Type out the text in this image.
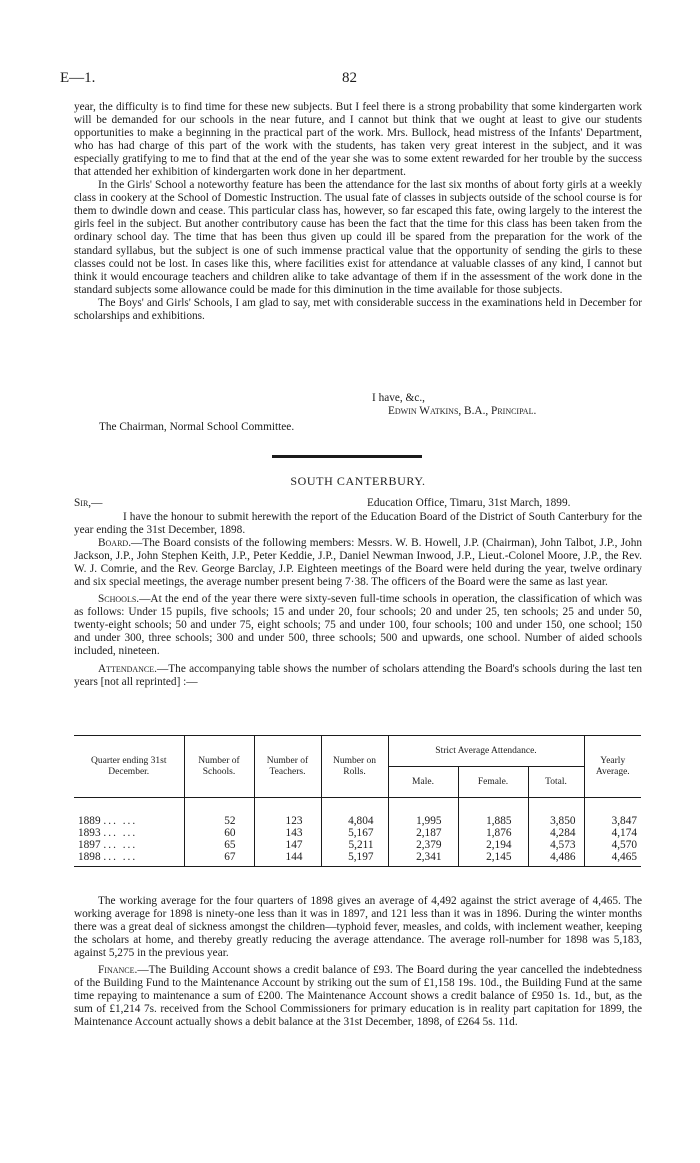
E—1.	82

year, the difficulty is to find time for these new subjects. But I feel there is a strong probability that some kindergarten work will be demanded for our schools in the near future, and I cannot but think that we ought at least to give our students opportunities to make a beginning in the practical part of the work. Mrs. Bullock, head mistress of the Infants' Department, who has had charge of this part of the work with the students, has taken very great interest in the subject, and it was especially gratifying to me to find that at the end of the year she was to some extent rewarded for her trouble by the success that attended her exhibition of kindergarten work done in her department.

In the Girls' School a noteworthy feature has been the attendance for the last six months of about forty girls at a weekly class in cookery at the School of Domestic Instruction. The usual fate of classes in subjects outside of the school course is for them to dwindle down and cease. This particular class has, however, so far escaped this fate, owing largely to the interest the girls feel in the subject. But another contributory cause has been the fact that the time for this class has been taken from the ordinary school day. The time that has been thus given up could ill be spared from the preparation for the work of the standard syllabus, but the subject is one of such immense practical value that the opportunity of sending the girls to these classes could not be lost. In cases like this, where facilities exist for attendance at valuable classes of any kind, I cannot but think it would encourage teachers and children alike to take advantage of them if in the assessment of the work done in the standard subjects some allowance could be made for this diminution in the time available for those subjects.

The Boys' and Girls' Schools, I am glad to say, met with considerable success in the examinations held in December for scholarships and exhibitions.

I have, &c.,
Edwin Watkins, B.A., Principal.
The Chairman, Normal School Committee.
SOUTH CANTERBURY.
Sir,—	Education Office, Timaru, 31st March, 1899.

I have the honour to submit herewith the report of the Education Board of the District of South Canterbury for the year ending the 31st December, 1898.

Board.—The Board consists of the following members: Messrs. W. B. Howell, J.P. (Chairman), John Talbot, J.P., John Jackson, J.P., John Stephen Keith, J.P., Peter Keddie, J.P., Daniel Newman Inwood, J.P., Lieut.-Colonel Moore, J.P., the Rev. W. J. Comrie, and the Rev. George Barclay, J.P. Eighteen meetings of the Board were held during the year, twelve ordinary and six special meetings, the average number present being 7·38. The officers of the Board were the same as last year.

Schools.—At the end of the year there were sixty-seven full-time schools in operation, the classification of which was as follows: Under 15 pupils, five schools; 15 and under 20, four schools; 20 and under 25, ten schools; 25 and under 50, twenty-eight schools; 50 and under 75, eight schools; 75 and under 100, four schools; 100 and under 150, one school; 150 and under 300, three schools; 300 and under 500, three schools; 500 and upwards, one school. Number of aided schools included, nineteen.

Attendance.—The accompanying table shows the number of scholars attending the Board's schools during the last ten years [not all reprinted] :—

Quarter ending 31st December.	Number of Schools.	Number of Teachers.	Number on Rolls.	Strict Average Attendance.			Yearly Average.
				Male.	Female.	Total.	

1889 ... ...	52	123	4,804	1,995	1,885	3,850	3,847
1893 ... ...	60	143	5,167	2,187	1,876	4,284	4,174
1897 ... ...	65	147	5,211	2,379	2,194	4,573	4,570
1898 ... ...	67	144	5,197	2,341	2,145	4,486	4,465

The working average for the four quarters of 1898 gives an average of 4,492 against the strict average of 4,465. The working average for 1898 is ninety-one less than it was in 1897, and 121 less than it was in 1896. During the winter months there was a great deal of sickness amongst the children—typhoid fever, measles, and colds, with inclement weather, keeping the scholars at home, and thereby greatly reducing the average attendance. The average roll-number for 1898 was 5,183, against 5,275 in the previous year.

Finance.—The Building Account shows a credit balance of £93. The Board during the year cancelled the indebtedness of the Building Fund to the Maintenance Account by striking out the sum of £1,158 19s. 10d., the Building Fund at the same time repaying to maintenance a sum of £200. The Maintenance Account shows a credit balance of £950 1s. 1d., but, as the sum of £1,214 7s. received from the School Commissioners for primary education is in reality part capitation for 1899, the Maintenance Account actually shows a debit balance at the 31st December, 1898, of £264 5s. 11d.
